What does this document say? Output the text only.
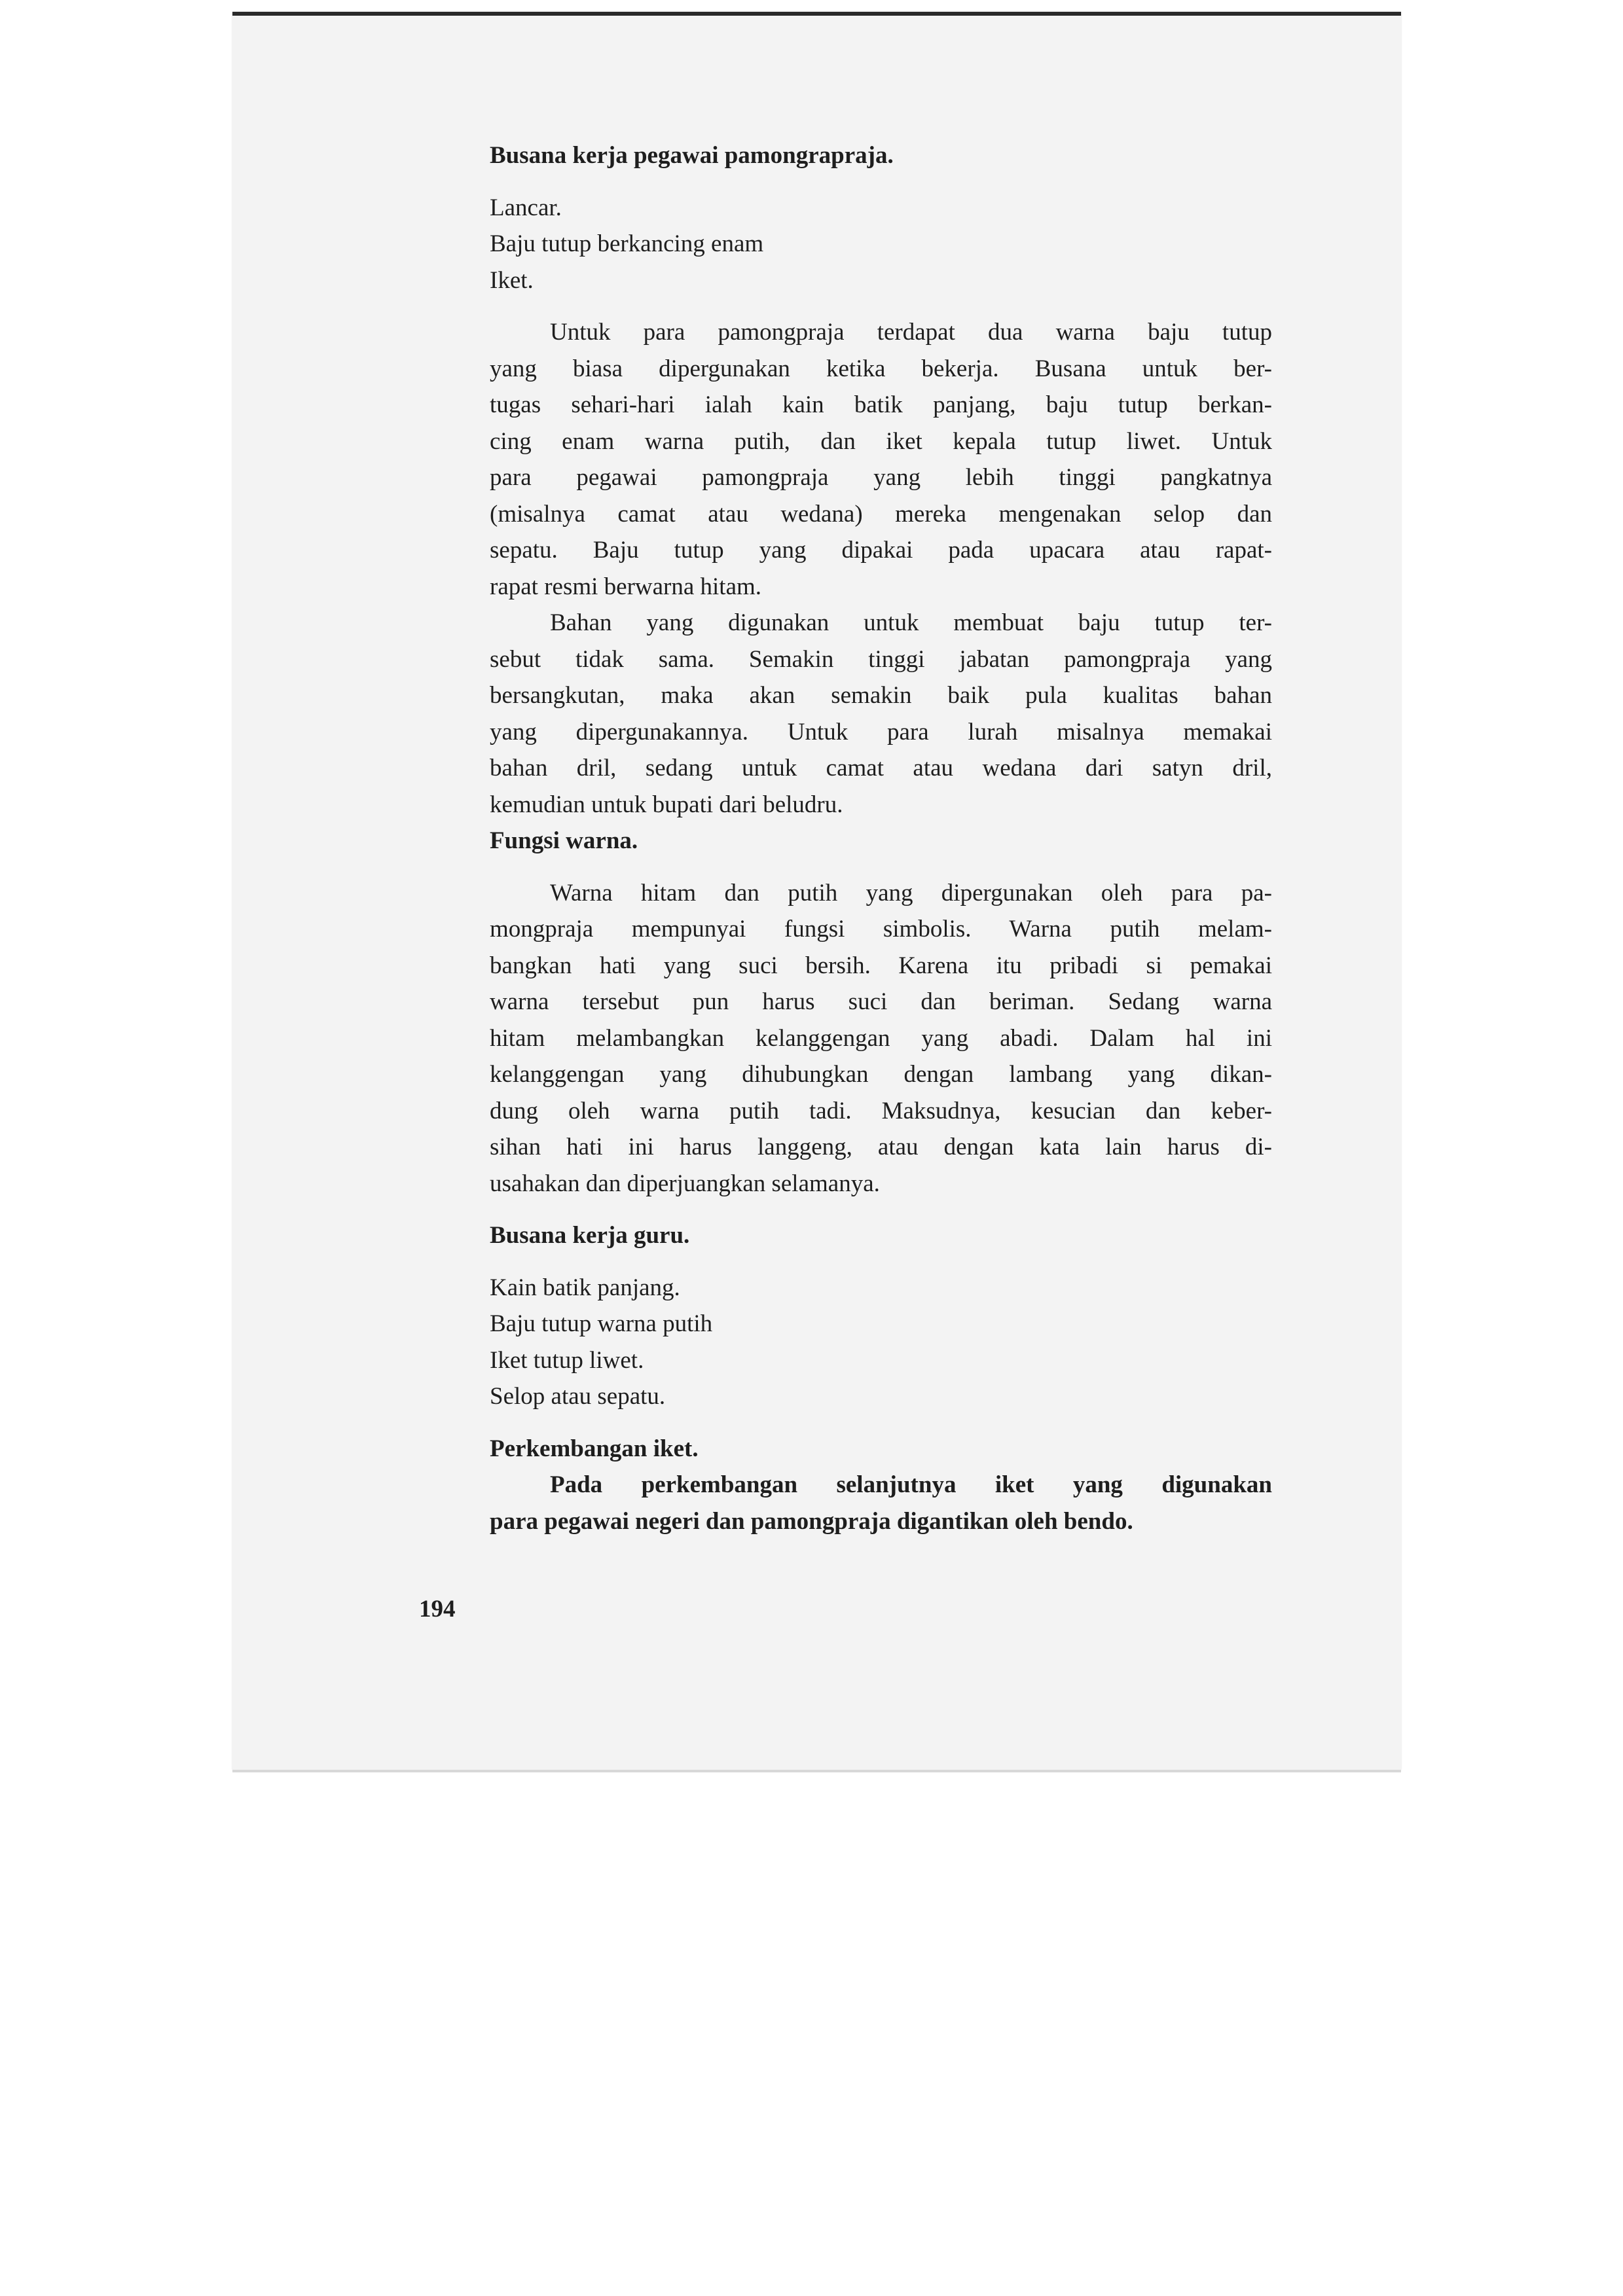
Busana kerja pegawai pamongrapraja.
Lancar.
Baju tutup berkancing enam
Iket.
Untuk para pamongpraja terdapat dua warna baju tutup
yang biasa dipergunakan ketika bekerja. Busana untuk ber-
tugas sehari-hari ialah kain batik panjang, baju tutup berkan-
cing enam warna putih, dan iket kepala tutup liwet. Untuk
para pegawai pamongpraja yang lebih tinggi pangkatnya
(misalnya camat atau wedana) mereka mengenakan selop dan
sepatu. Baju tutup yang dipakai pada upacara atau rapat-
rapat resmi berwarna hitam.
Bahan yang digunakan untuk membuat baju tutup ter-
sebut tidak sama. Semakin tinggi jabatan pamongpraja yang
bersangkutan, maka akan semakin baik pula kualitas bahan
yang dipergunakannya. Untuk para lurah misalnya memakai
bahan dril, sedang untuk camat atau wedana dari satyn dril,
kemudian untuk bupati dari beludru.
Fungsi warna.
Warna hitam dan putih yang dipergunakan oleh para pa-
mongpraja mempunyai fungsi simbolis. Warna putih melam-
bangkan hati yang suci bersih. Karena itu pribadi si pemakai
warna tersebut pun harus suci dan beriman. Sedang warna
hitam melambangkan kelanggengan yang abadi. Dalam hal ini
kelanggengan yang dihubungkan dengan lambang yang dikan-
dung oleh warna putih tadi. Maksudnya, kesucian dan keber-
sihan hati ini harus langgeng, atau dengan kata lain harus di-
usahakan dan diperjuangkan selamanya.
Busana kerja guru.
Kain batik panjang.
Baju tutup warna putih
Iket tutup liwet.
Selop atau sepatu.
Perkembangan iket.
Pada perkembangan selanjutnya iket yang digunakan
para pegawai negeri dan pamongpraja digantikan oleh bendo.
194
